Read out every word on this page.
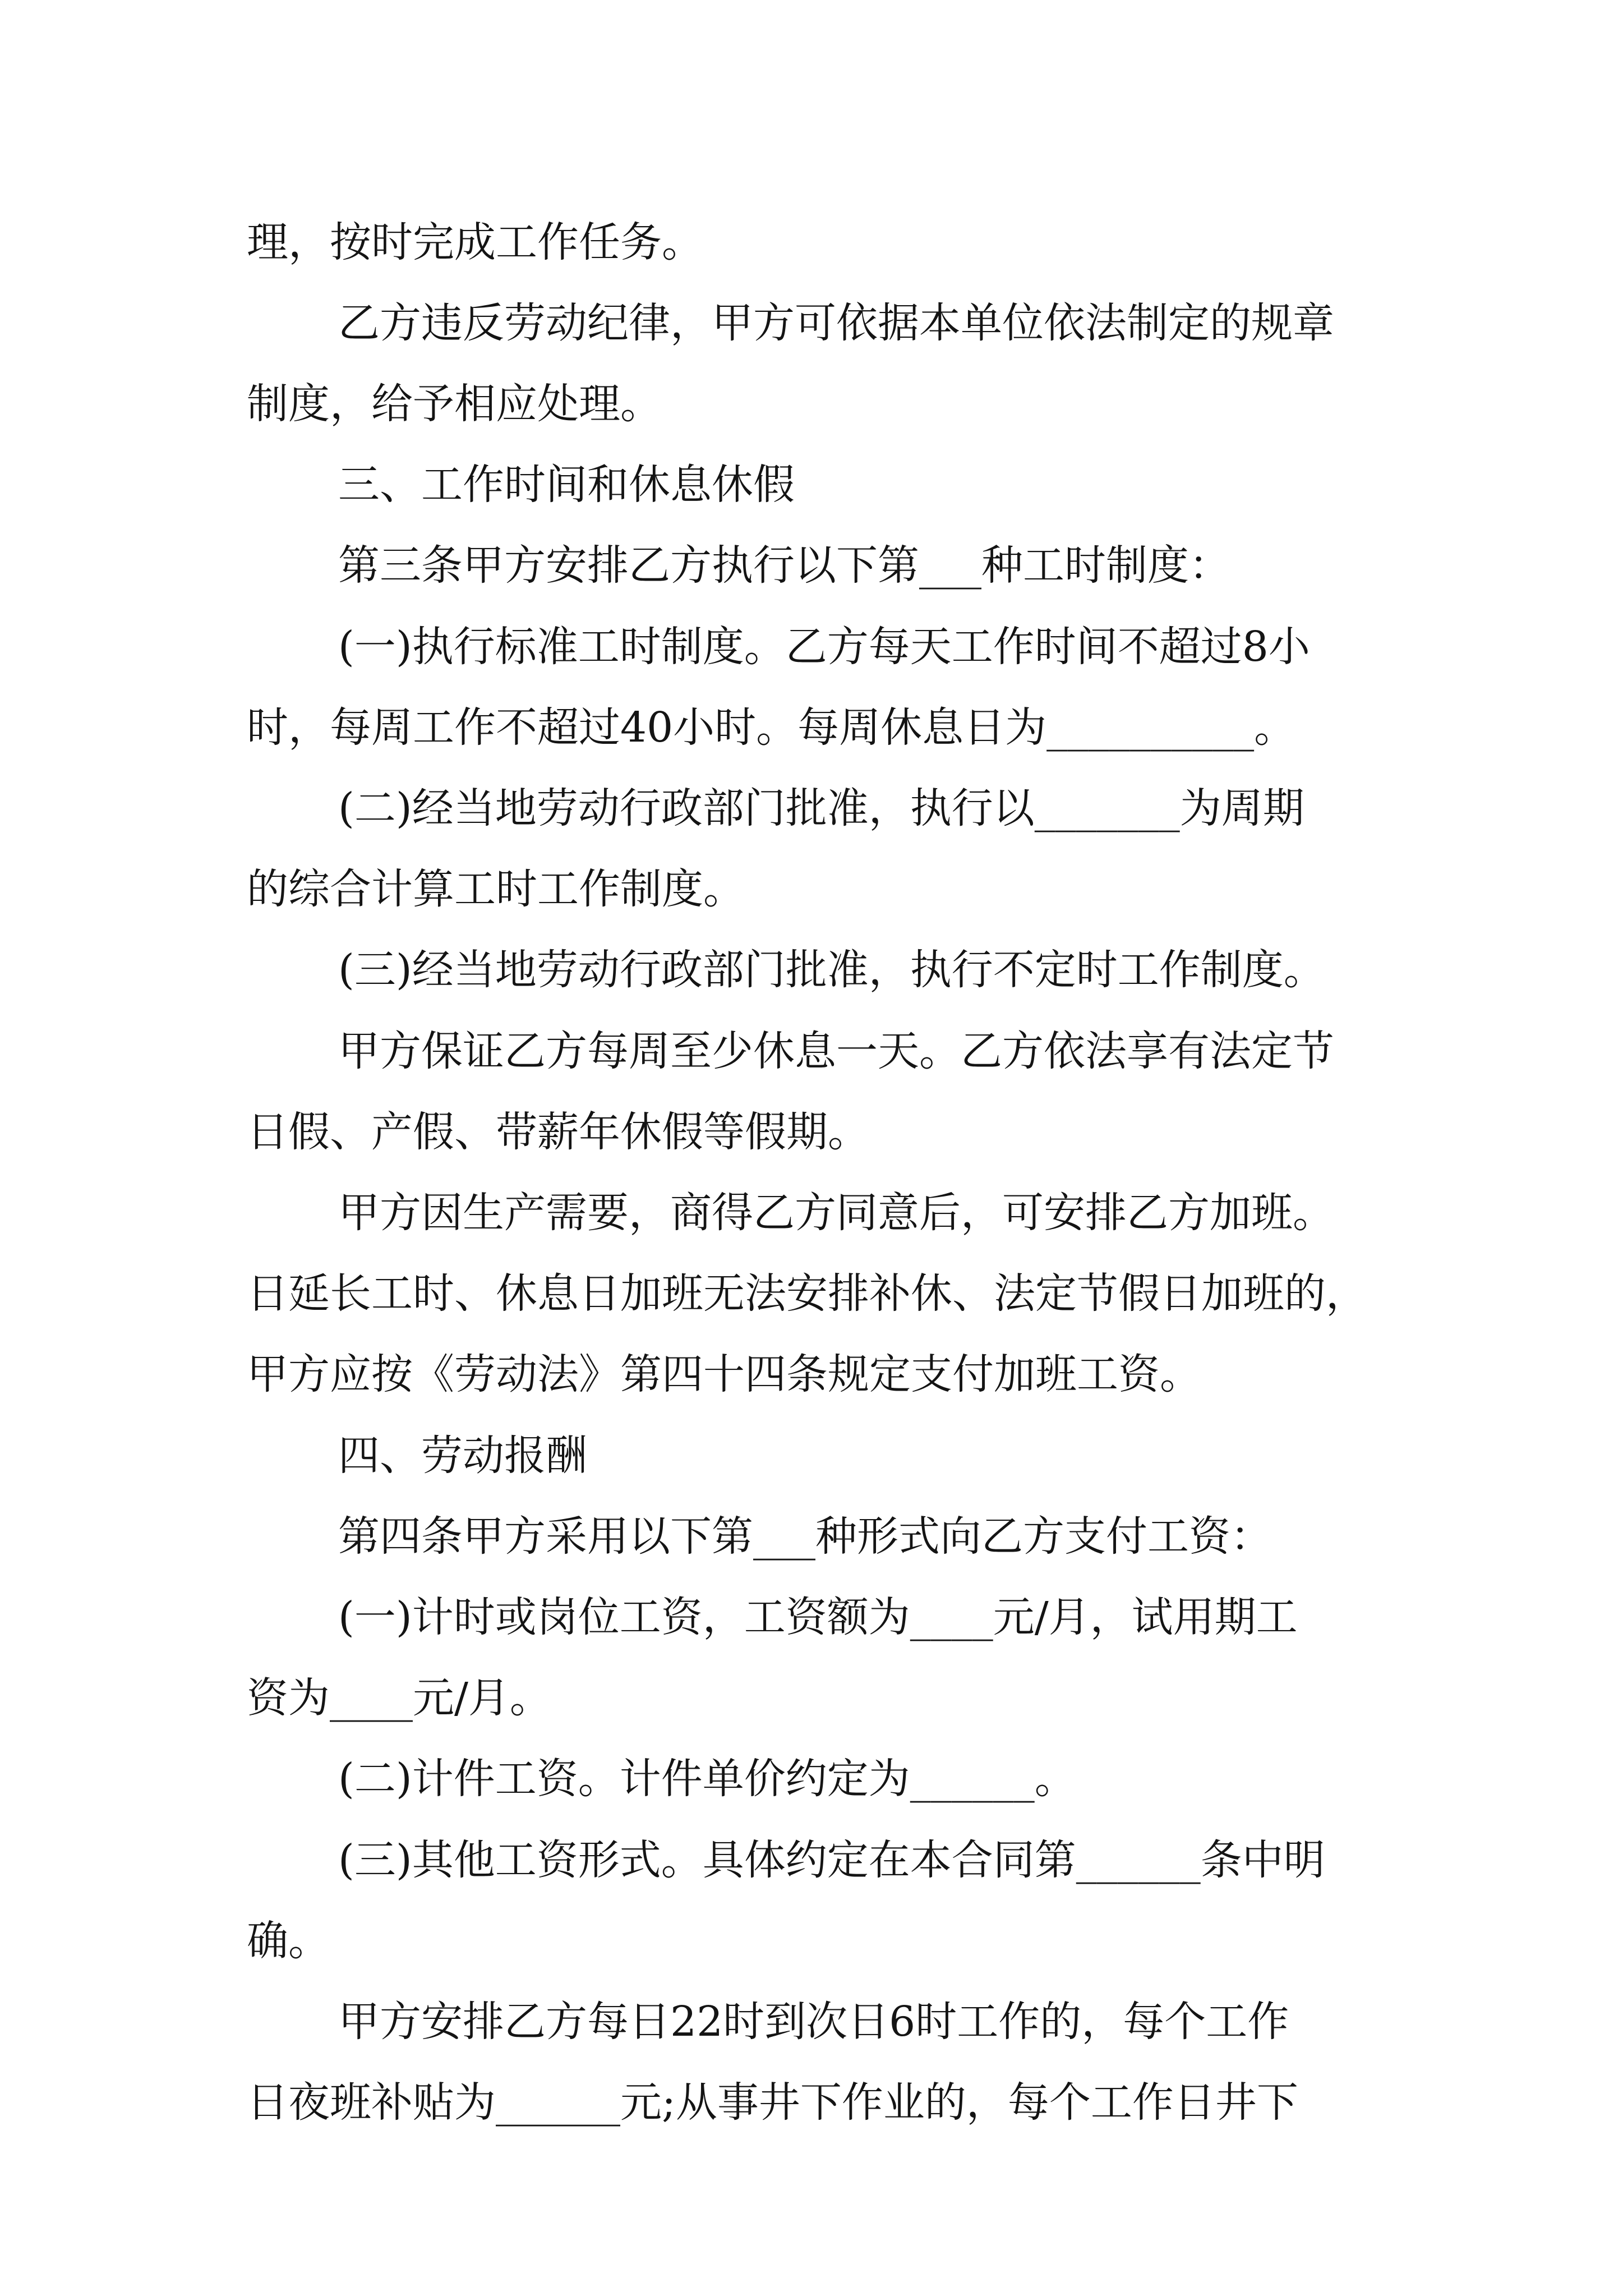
理，按时完成工作任务。
乙方违反劳动纪律，甲方可依据本单位依法制定的规章
制度，给予相应处理。
三、工作时间和休息休假
第三条甲方安排乙方执行以下第___种工时制度：
(一)执行标准工时制度。乙方每天工作时间不超过8小
时，每周工作不超过40小时。每周休息日为__________。
(二)经当地劳动行政部门批准，执行以_______为周期
的综合计算工时工作制度。
(三)经当地劳动行政部门批准，执行不定时工作制度。
甲方保证乙方每周至少休息一天。乙方依法享有法定节
日假、产假、带薪年休假等假期。
甲方因生产需要，商得乙方同意后，可安排乙方加班。
日延长工时、休息日加班无法安排补休、法定节假日加班的，
甲方应按《劳动法》第四十四条规定支付加班工资。
四、劳动报酬
第四条甲方采用以下第___种形式向乙方支付工资：
(一)计时或岗位工资，工资额为____元/月，试用期工
资为____元/月。
(二)计件工资。计件单价约定为______。
(三)其他工资形式。具体约定在本合同第______条中明
确。
甲方安排乙方每日22时到次日6时工作的，每个工作
日夜班补贴为______元;从事井下作业的，每个工作日井下
